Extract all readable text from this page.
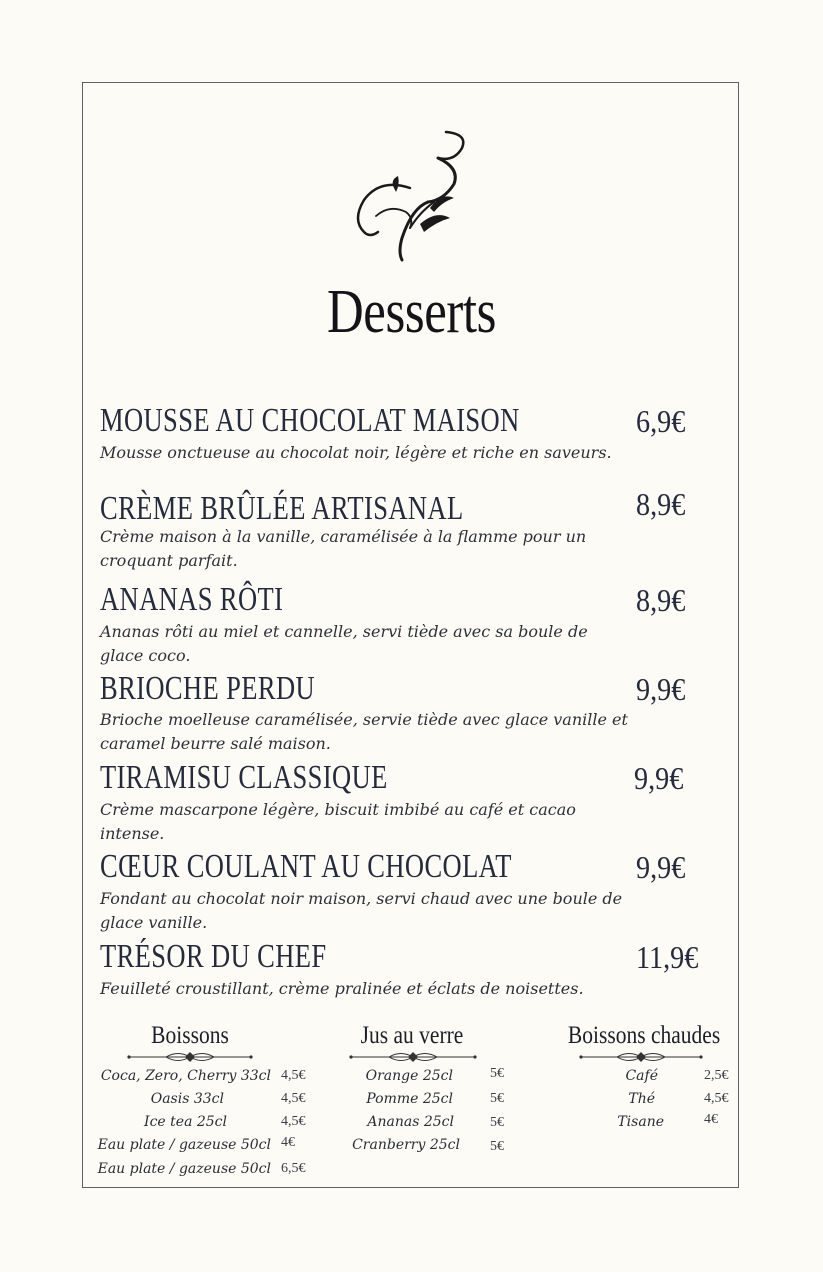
Desserts
MOUSSE AU CHOCOLAT MAISON	6,9€
Mousse onctueuse au chocolat noir, légère et riche en saveurs.
CRÈME BRÛLÉE ARTISANAL	8,9€
Crème maison à la vanille, caramélisée à la flamme pour un croquant parfait.
ANANAS RÔTI	8,9€
Ananas rôti au miel et cannelle, servi tiède avec sa boule de glace coco.
BRIOCHE PERDU	9,9€
Brioche moelleuse caramélisée, servie tiède avec glace vanille et caramel beurre salé maison.
TIRAMISU CLASSIQUE	9,9€
Crème mascarpone légère, biscuit imbibé au café et cacao intense.
CŒUR COULANT AU CHOCOLAT	9,9€
Fondant au chocolat noir maison, servi chaud avec une boule de glace vanille.
TRÉSOR DU CHEF	11,9€
Feuilleté croustillant, crème pralinée et éclats de noisettes.
Boissons
Coca, Zero, Cherry 33cl 4,5€
Oasis 33cl	4,5€
Ice tea 25cl	4,5€
Eau plate / gazeuse 50cl 4€
Eau plate / gazeuse 50cl 6,5€
Jus au verre
Orange 25cl	5€
Pomme 25cl	5€
Ananas 25cl	5€
Cranberry 25cl 5€
Boissons chaudes
Café	2,5€
Thé	4,5€
Tisane	4€
